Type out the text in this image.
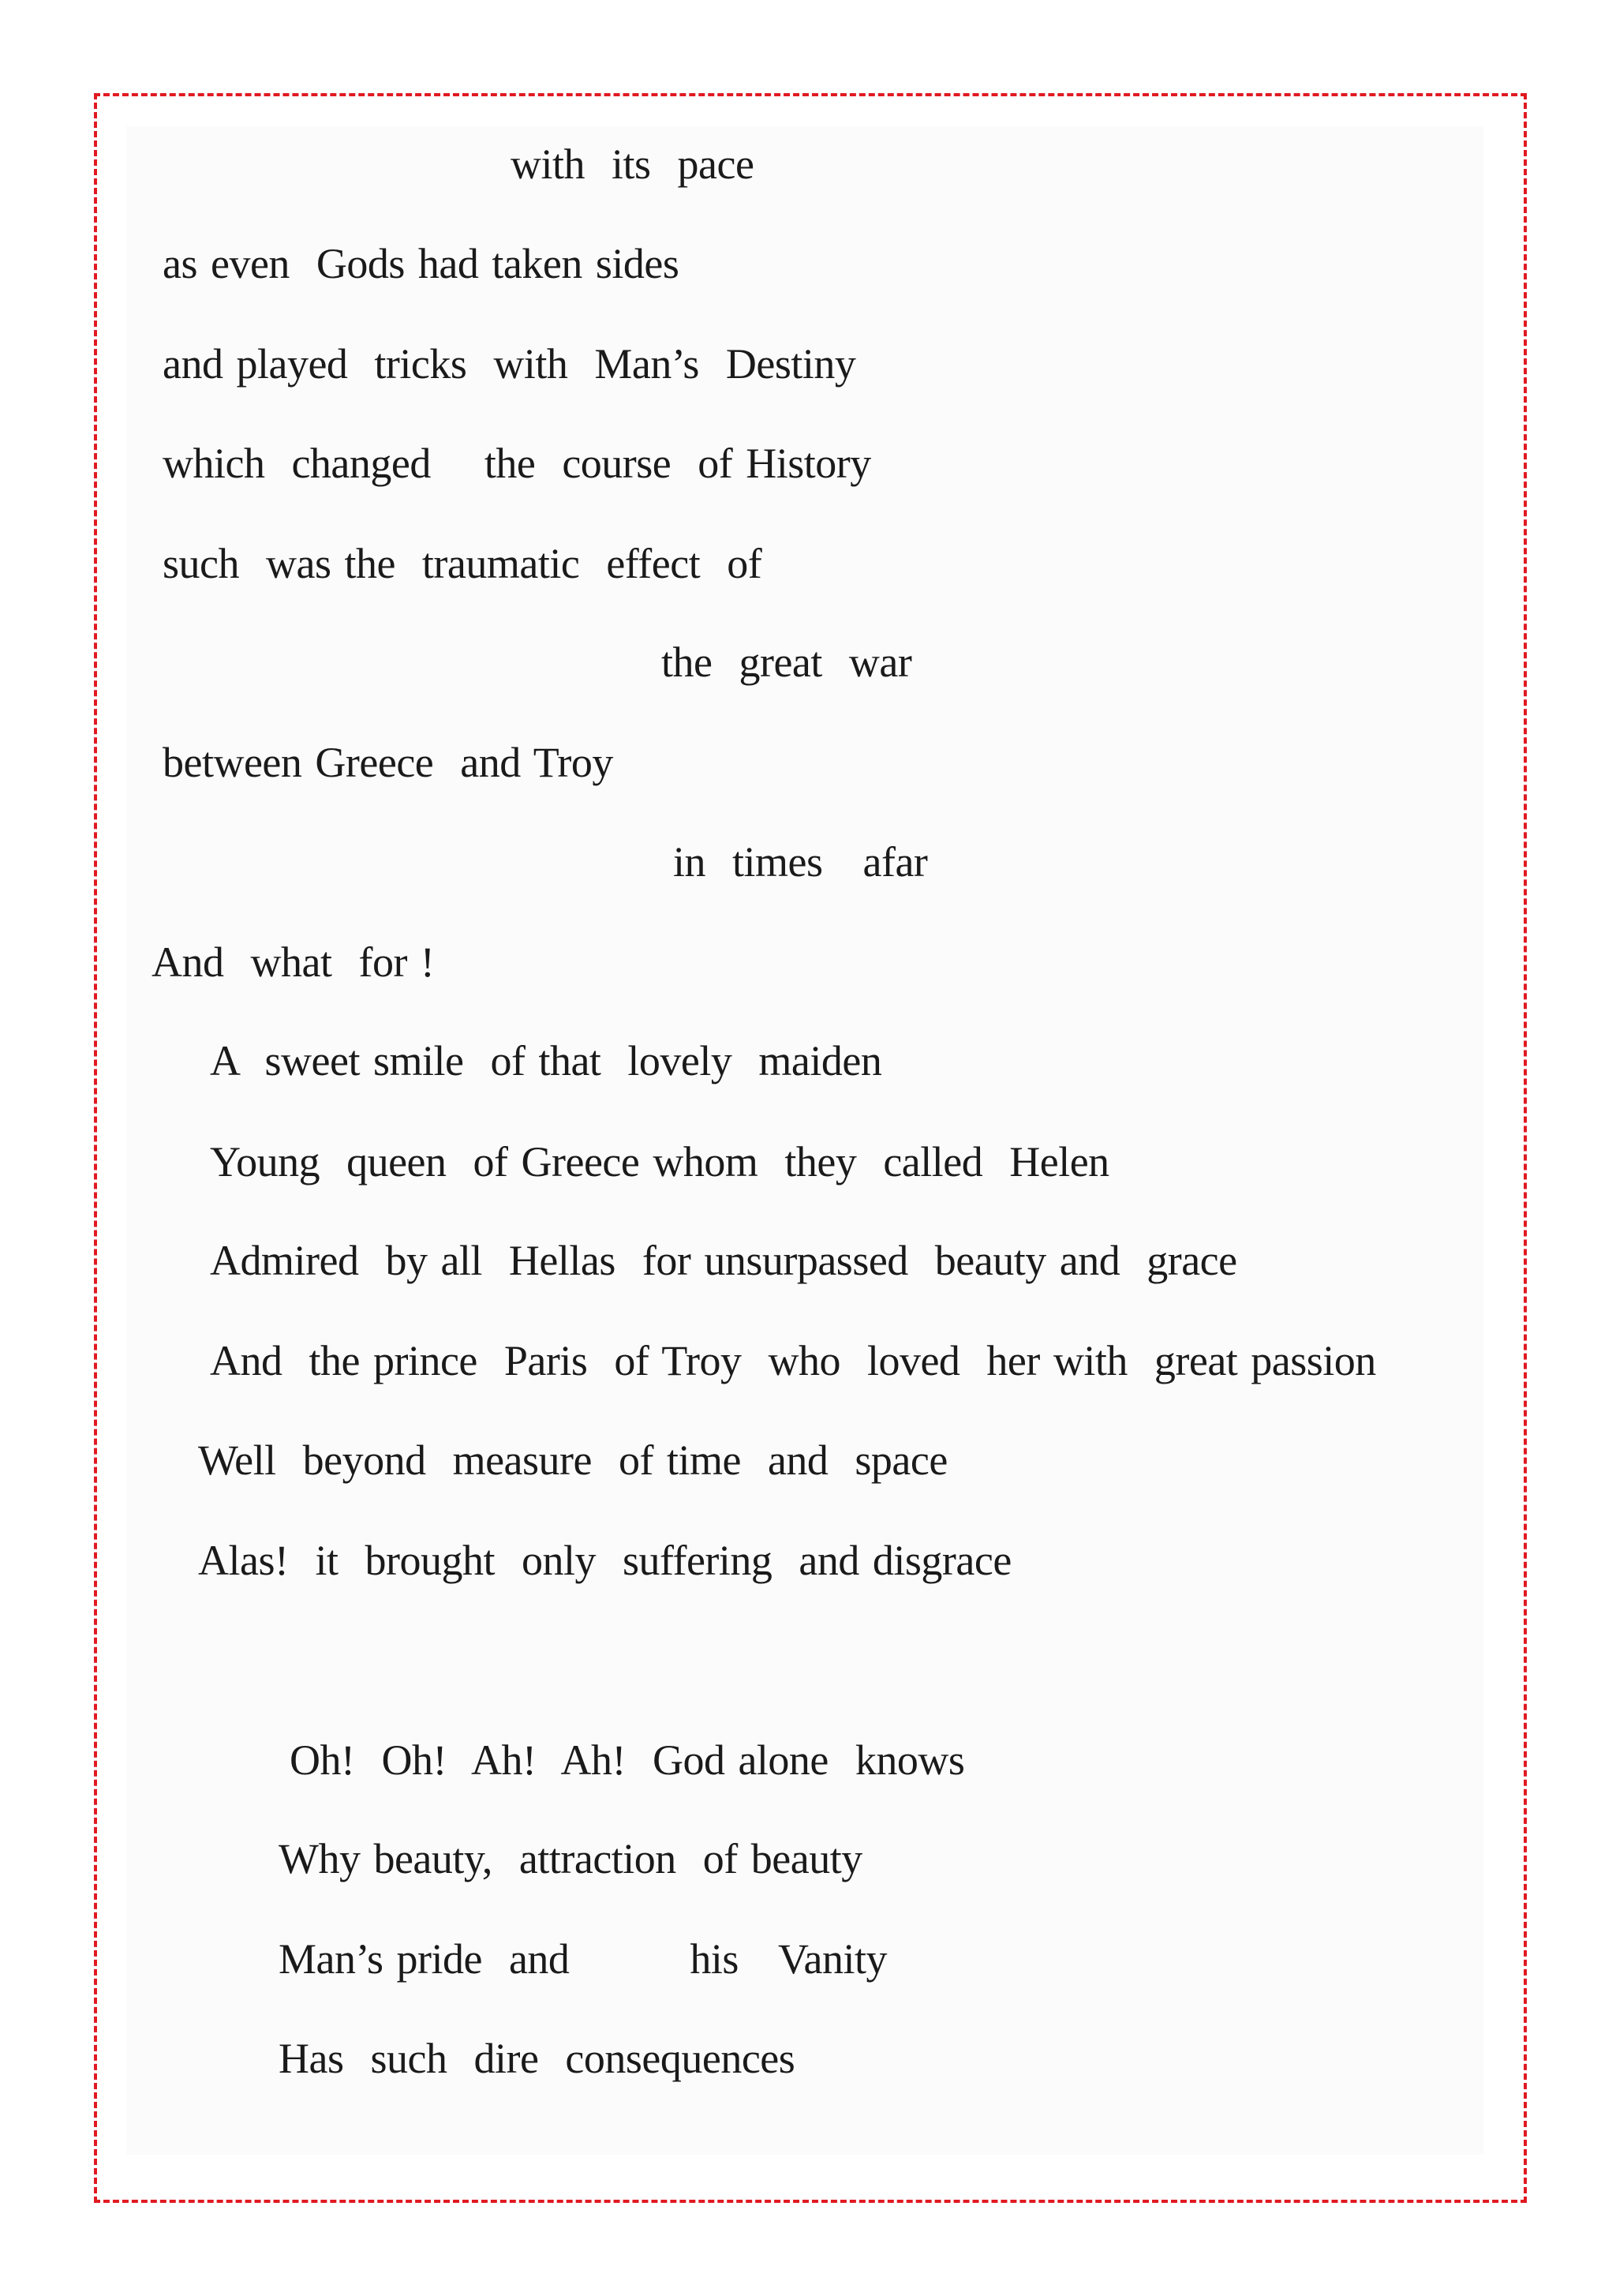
with  its  pace
as even  Gods had taken sides
and played  tricks  with  Man’s  Destiny
which  changed    the  course  of History
such  was the  traumatic  effect  of
the  great  war
between Greece  and Troy
in  times   afar
And  what  for !
A  sweet smile  of that  lovely  maiden
Young  queen  of Greece whom  they  called  Helen
Admired  by all  Hellas  for unsurpassed  beauty and  grace
And  the prince  Paris  of Troy  who  loved  her with  great passion
Well  beyond  measure  of time  and  space
Alas!  it  brought  only  suffering  and disgrace
Oh!  Oh!  Ah!  Ah!  God alone  knows
Why beauty,  attraction  of beauty
Man’s pride  and         his   Vanity
Has  such  dire  consequences
